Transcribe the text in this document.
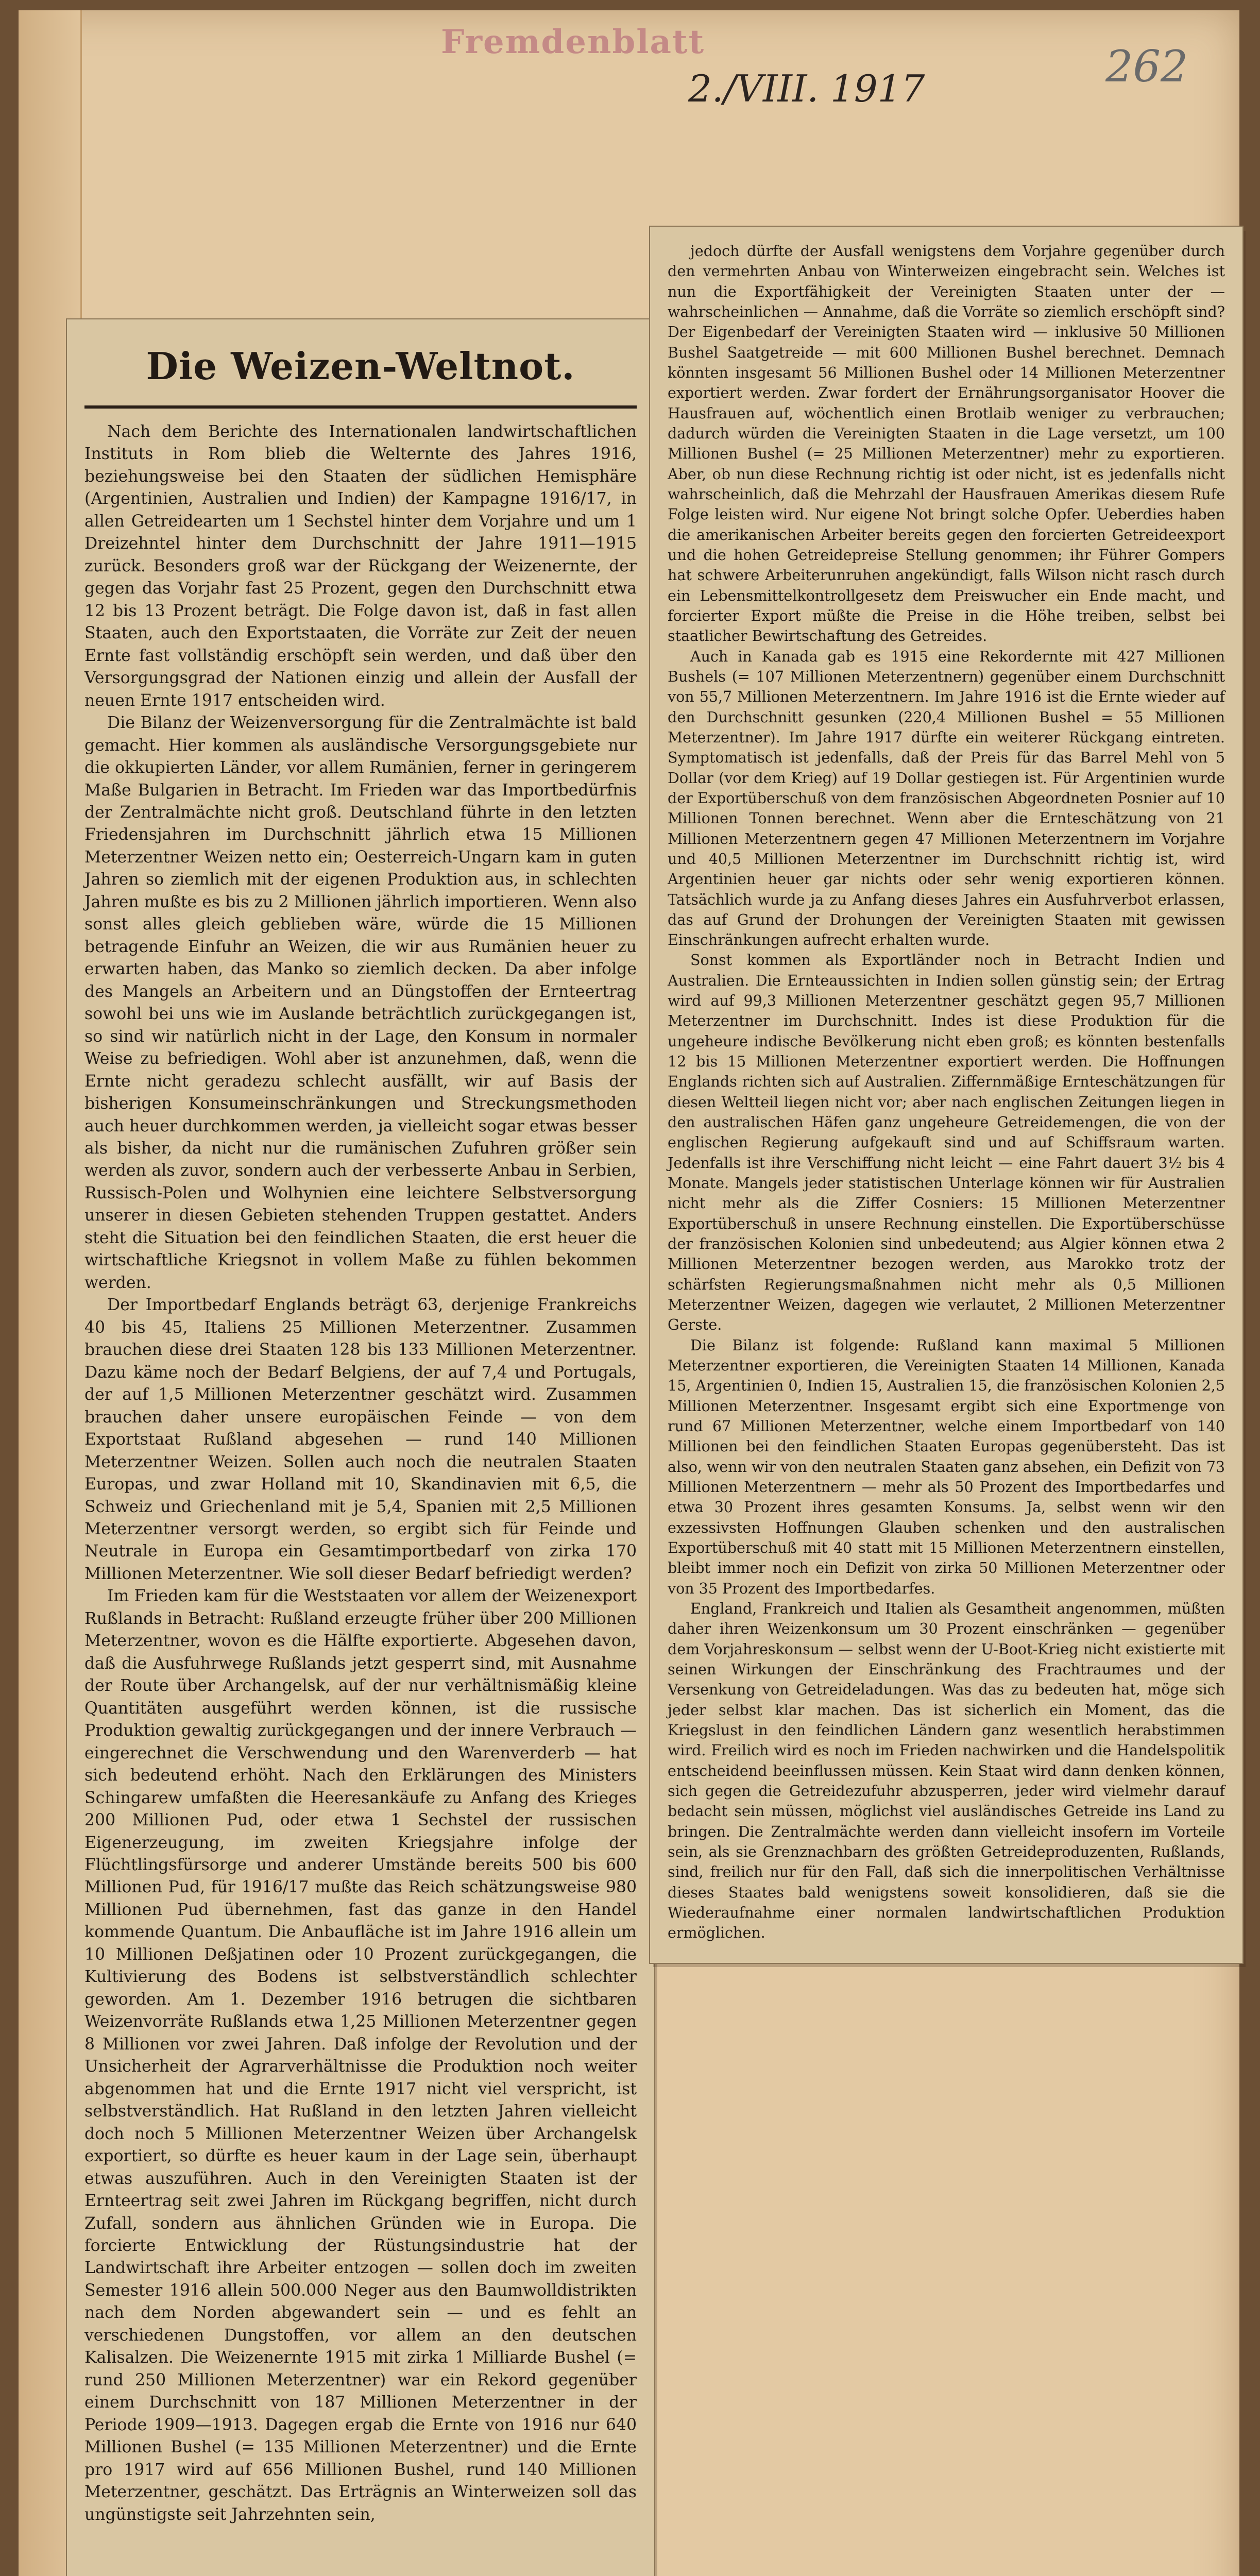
Fremdenblatt
2./VIII. 1917	262
Die Weizen-Weltnot.

Nach dem Berichte des Internationalen landwirtschaftlichen Instituts in Rom blieb die Welternte des Jahres 1916, beziehungsweise bei den Staaten der südlichen Hemisphäre (Argentinien, Australien und Indien) der Kampagne 1916/17, in allen Getreidearten um 1 Sechstel hinter dem Vorjahre und um 1 Dreizehntel hinter dem Durchschnitt der Jahre 1911—1915 zurück. Besonders groß war der Rückgang der Weizenernte, der gegen das Vorjahr fast 25 Prozent, gegen den Durchschnitt etwa 12 bis 13 Prozent beträgt. Die Folge davon ist, daß in fast allen Staaten, auch den Exportstaaten, die Vorräte zur Zeit der neuen Ernte fast vollständig erschöpft sein werden, und daß über den Versorgungsgrad der Nationen einzig und allein der Ausfall der neuen Ernte 1917 entscheiden wird.

Die Bilanz der Weizenversorgung für die Zentralmächte ist bald gemacht. Hier kommen als ausländische Versorgungsgebiete nur die okkupierten Länder, vor allem Rumänien, ferner in geringerem Maße Bulgarien in Betracht. Im Frieden war das Importbedürfnis der Zentralmächte nicht groß. Deutschland führte in den letzten Friedensjahren im Durchschnitt jährlich etwa 15 Millionen Meterzentner Weizen netto ein; Oesterreich-Ungarn kam in guten Jahren so ziemlich mit der eigenen Produktion aus, in schlechten Jahren mußte es bis zu 2 Millionen jährlich importieren. Wenn also sonst alles gleich geblieben wäre, würde die 15 Millionen betragende Einfuhr an Weizen, die wir aus Rumänien heuer zu erwarten haben, das Manko so ziemlich decken. Da aber infolge des Mangels an Arbeitern und an Düngstoffen der Ernteertrag sowohl bei uns wie im Auslande beträchtlich zurückgegangen ist, so sind wir natürlich nicht in der Lage, den Konsum in normaler Weise zu befriedigen. Wohl aber ist anzunehmen, daß, wenn die Ernte nicht geradezu schlecht ausfällt, wir auf Basis der bisherigen Konsumeinschränkungen und Streckungsmethoden auch heuer durchkommen werden, ja vielleicht sogar etwas besser als bisher, da nicht nur die rumänischen Zufuhren größer sein werden als zuvor, sondern auch der verbesserte Anbau in Serbien, Russisch-Polen und Wolhynien eine leichtere Selbstversorgung unserer in diesen Gebieten stehenden Truppen gestattet. Anders steht die Situation bei den feindlichen Staaten, die erst heuer die wirtschaftliche Kriegsnot in vollem Maße zu fühlen bekommen werden.

Der Importbedarf Englands beträgt 63, derjenige Frankreichs 40 bis 45, Italiens 25 Millionen Meterzentner. Zusammen brauchen diese drei Staaten 128 bis 133 Millionen Meterzentner. Dazu käme noch der Bedarf Belgiens, der auf 7,4 und Portugals, der auf 1,5 Millionen Meterzentner geschätzt wird. Zusammen brauchen daher unsere europäischen Feinde — von dem Exportstaat Rußland abgesehen — rund 140 Millionen Meterzentner Weizen. Sollen auch noch die neutralen Staaten Europas, und zwar Holland mit 10, Skandinavien mit 6,5, die Schweiz und Griechenland mit je 5,4, Spanien mit 2,5 Millionen Meterzentner versorgt werden, so ergibt sich für Feinde und Neutrale in Europa ein Gesamtimportbedarf von zirka 170 Millionen Meterzentner. Wie soll dieser Bedarf befriedigt werden?

Im Frieden kam für die Weststaaten vor allem der Weizenexport Rußlands in Betracht: Rußland erzeugte früher über 200 Millionen Meterzentner, wovon es die Hälfte exportierte. Abgesehen davon, daß die Ausfuhrwege Rußlands jetzt gesperrt sind, mit Ausnahme der Route über Archangelsk, auf der nur verhältnismäßig kleine Quantitäten ausgeführt werden können, ist die russische Produktion gewaltig zurückgegangen und der innere Verbrauch — eingerechnet die Verschwendung und den Warenverderb — hat sich bedeutend erhöht. Nach den Erklärungen des Ministers Schingarew umfaßten die Heeresankäufe zu Anfang des Krieges 200 Millionen Pud, oder etwa 1 Sechstel der russischen Eigenerzeugung, im zweiten Kriegsjahre infolge der Flüchtlingsfürsorge und anderer Umstände bereits 500 bis 600 Millionen Pud, für 1916/17 mußte das Reich schätzungsweise 980 Millionen Pud übernehmen, fast das ganze in den Handel kommende Quantum. Die Anbaufläche ist im Jahre 1916 allein um 10 Millionen Deßjatinen oder 10 Prozent zurückgegangen, die Kultivierung des Bodens ist selbstverständlich schlechter geworden. Am 1. Dezember 1916 betrugen die sichtbaren Weizenvorräte Rußlands etwa 1,25 Millionen Meterzentner gegen 8 Millionen vor zwei Jahren. Daß infolge der Revolution und der Unsicherheit der Agrarverhältnisse die Produktion noch weiter abgenommen hat und die Ernte 1917 nicht viel verspricht, ist selbstverständlich. Hat Rußland in den letzten Jahren vielleicht doch noch 5 Millionen Meterzentner Weizen über Archangelsk exportiert, so dürfte es heuer kaum in der Lage sein, überhaupt etwas auszuführen. Auch in den Vereinigten Staaten ist der Ernteertrag seit zwei Jahren im Rückgang begriffen, nicht durch Zufall, sondern aus ähnlichen Gründen wie in Europa. Die forcierte Entwicklung der Rüstungsindustrie hat der Landwirtschaft ihre Arbeiter entzogen — sollen doch im zweiten Semester 1916 allein 500.000 Neger aus den Baumwolldistrikten nach dem Norden abgewandert sein — und es fehlt an verschiedenen Dungstoffen, vor allem an den deutschen Kalisalzen. Die Weizenernte 1915 mit zirka 1 Milliarde Bushel (= rund 250 Millionen Meterzentner) war ein Rekord gegenüber einem Durchschnitt von 187 Millionen Meterzentner in der Periode 1909—1913. Dagegen ergab die Ernte von 1916 nur 640 Millionen Bushel (= 135 Millionen Meterzentner) und die Ernte pro 1917 wird auf 656 Millionen Bushel, rund 140 Millionen Meterzentner, geschätzt. Das Erträgnis an Winterweizen soll das ungünstigste seit Jahrzehnten sein,

jedoch dürfte der Ausfall wenigstens dem Vorjahre gegenüber durch den vermehrten Anbau von Winterweizen eingebracht sein. Welches ist nun die Exportfähigkeit der Vereinigten Staaten unter der — wahrscheinlichen — Annahme, daß die Vorräte so ziemlich erschöpft sind? Der Eigenbedarf der Vereinigten Staaten wird — inklusive 50 Millionen Bushel Saatgetreide — mit 600 Millionen Bushel berechnet. Demnach könnten insgesamt 56 Millionen Bushel oder 14 Millionen Meterzentner exportiert werden. Zwar fordert der Ernährungsorganisator Hoover die Hausfrauen auf, wöchentlich einen Brotlaib weniger zu verbrauchen; dadurch würden die Vereinigten Staaten in die Lage versetzt, um 100 Millionen Bushel (= 25 Millionen Meterzentner) mehr zu exportieren. Aber, ob nun diese Rechnung richtig ist oder nicht, ist es jedenfalls nicht wahrscheinlich, daß die Mehrzahl der Hausfrauen Amerikas diesem Rufe Folge leisten wird. Nur eigene Not bringt solche Opfer. Ueberdies haben die amerikanischen Arbeiter bereits gegen den forcierten Getreideexport und die hohen Getreidepreise Stellung genommen; ihr Führer Gompers hat schwere Arbeiterunruhen angekündigt, falls Wilson nicht rasch durch ein Lebensmittelkontrollgesetz dem Preiswucher ein Ende macht, und forcierter Export müßte die Preise in die Höhe treiben, selbst bei staatlicher Bewirtschaftung des Getreides.

Auch in Kanada gab es 1915 eine Rekordernte mit 427 Millionen Bushels (= 107 Millionen Meterzentnern) gegenüber einem Durchschnitt von 55,7 Millionen Meterzentnern. Im Jahre 1916 ist die Ernte wieder auf den Durchschnitt gesunken (220,4 Millionen Bushel = 55 Millionen Meterzentner). Im Jahre 1917 dürfte ein weiterer Rückgang eintreten. Symptomatisch ist jedenfalls, daß der Preis für das Barrel Mehl von 5 Dollar (vor dem Krieg) auf 19 Dollar gestiegen ist. Für Argentinien wurde der Exportüberschuß von dem französischen Abgeordneten Posnier auf 10 Millionen Tonnen berechnet. Wenn aber die Ernteschätzung von 21 Millionen Meterzentnern gegen 47 Millionen Meterzentnern im Vorjahre und 40,5 Millionen Meterzentner im Durchschnitt richtig ist, wird Argentinien heuer gar nichts oder sehr wenig exportieren können. Tatsächlich wurde ja zu Anfang dieses Jahres ein Ausfuhrverbot erlassen, das auf Grund der Drohungen der Vereinigten Staaten mit gewissen Einschränkungen aufrecht erhalten wurde.

Sonst kommen als Exportländer noch in Betracht Indien und Australien. Die Ernteaussichten in Indien sollen günstig sein; der Ertrag wird auf 99,3 Millionen Meterzentner geschätzt gegen 95,7 Millionen Meterzentner im Durchschnitt. Indes ist diese Produktion für die ungeheure indische Bevölkerung nicht eben groß; es könnten bestenfalls 12 bis 15 Millionen Meterzentner exportiert werden. Die Hoffnungen Englands richten sich auf Australien. Ziffernmäßige Ernteschätzungen für diesen Weltteil liegen nicht vor; aber nach englischen Zeitungen liegen in den australischen Häfen ganz ungeheure Getreidemengen, die von der englischen Regierung aufgekauft sind und auf Schiffsraum warten. Jedenfalls ist ihre Verschiffung nicht leicht — eine Fahrt dauert 3½ bis 4 Monate. Mangels jeder statistischen Unterlage können wir für Australien nicht mehr als die Ziffer Cosniers: 15 Millionen Meterzentner Exportüberschuß in unsere Rechnung einstellen. Die Exportüberschüsse der französischen Kolonien sind unbedeutend; aus Algier können etwa 2 Millionen Meterzentner bezogen werden, aus Marokko trotz der schärfsten Regierungsmaßnahmen nicht mehr als 0,5 Millionen Meterzentner Weizen, dagegen wie verlautet, 2 Millionen Meterzentner Gerste.

Die Bilanz ist folgende: Rußland kann maximal 5 Millionen Meterzentner exportieren, die Vereinigten Staaten 14 Millionen, Kanada 15, Argentinien 0, Indien 15, Australien 15, die französischen Kolonien 2,5 Millionen Meterzentner. Insgesamt ergibt sich eine Exportmenge von rund 67 Millionen Meterzentner, welche einem Importbedarf von 140 Millionen bei den feindlichen Staaten Europas gegenübersteht. Das ist also, wenn wir von den neutralen Staaten ganz absehen, ein Defizit von 73 Millionen Meterzentnern — mehr als 50 Prozent des Importbedarfes und etwa 30 Prozent ihres gesamten Konsums. Ja, selbst wenn wir den exzessivsten Hoffnungen Glauben schenken und den australischen Exportüberschuß mit 40 statt mit 15 Millionen Meterzentnern einstellen, bleibt immer noch ein Defizit von zirka 50 Millionen Meterzentner oder von 35 Prozent des Importbedarfes.

England, Frankreich und Italien als Gesamtheit angenommen, müßten daher ihren Weizenkonsum um 30 Prozent einschränken — gegenüber dem Vorjahreskonsum — selbst wenn der U-Boot-Krieg nicht existierte mit seinen Wirkungen der Einschränkung des Frachtraumes und der Versenkung von Getreideladungen. Was das zu bedeuten hat, möge sich jeder selbst klar machen. Das ist sicherlich ein Moment, das die Kriegslust in den feindlichen Ländern ganz wesentlich herabstimmen wird. Freilich wird es noch im Frieden nachwirken und die Handelspolitik entscheidend beeinflussen müssen. Kein Staat wird dann denken können, sich gegen die Getreidezufuhr abzusperren, jeder wird vielmehr darauf bedacht sein müssen, möglichst viel ausländisches Getreide ins Land zu bringen. Die Zentralmächte werden dann vielleicht insofern im Vorteile sein, als sie Grenznachbarn des größten Getreideproduzenten, Rußlands, sind, freilich nur für den Fall, daß sich die innerpolitischen Verhältnisse dieses Staates bald wenigstens soweit konsolidieren, daß sie die Wiederaufnahme einer normalen landwirtschaftlichen Produktion ermöglichen.
